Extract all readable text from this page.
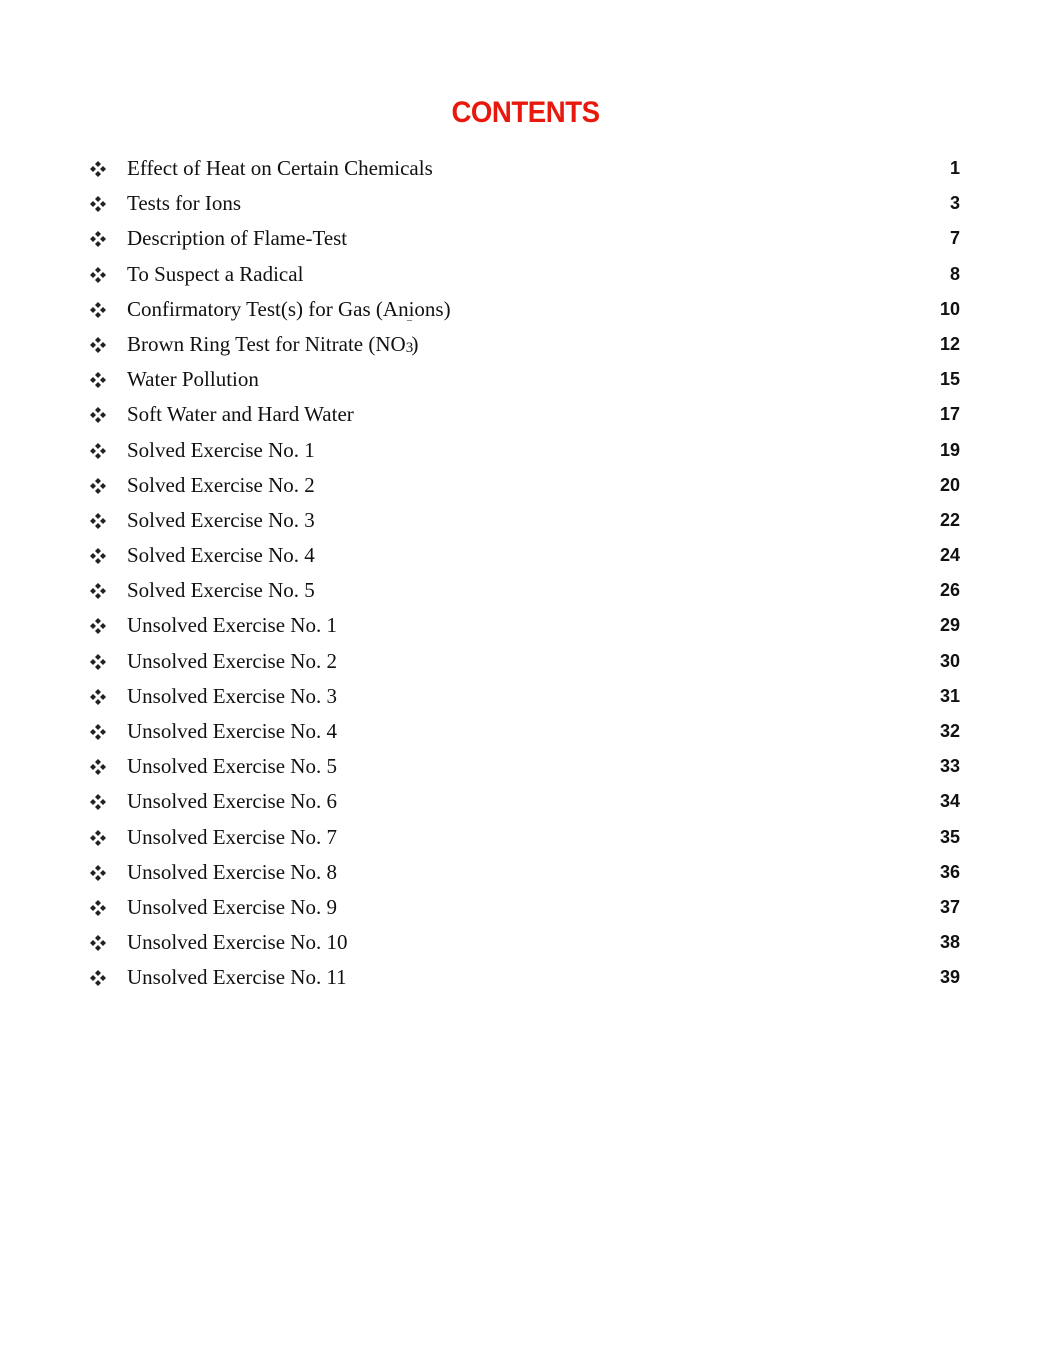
CONTENTS
Effect of Heat on Certain Chemicals	1
Tests for Ions	3
Description of Flame-Test	7
To Suspect a Radical	8
Confirmatory Test(s) for Gas (Anions)	10
Brown Ring Test for Nitrate $(NO_{3‾})$	12
Water Pollution	15
Soft Water and Hard Water	17
Solved Exercise No. 1	19
Solved Exercise No. 2	20
Solved Exercise No. 3	22
Solved Exercise No. 4	24
Solved Exercise No. 5	26
Unsolved Exercise No. 1	29
Unsolved Exercise No. 2	30
Unsolved Exercise No. 3	31
Unsolved Exercise No. 4	32
Unsolved Exercise No. 5	33
Unsolved Exercise No. 6	34
Unsolved Exercise No. 7	35
Unsolved Exercise No. 8	36
Unsolved Exercise No. 9	37
Unsolved Exercise No. 10	38
Unsolved Exercise No. 11	39
